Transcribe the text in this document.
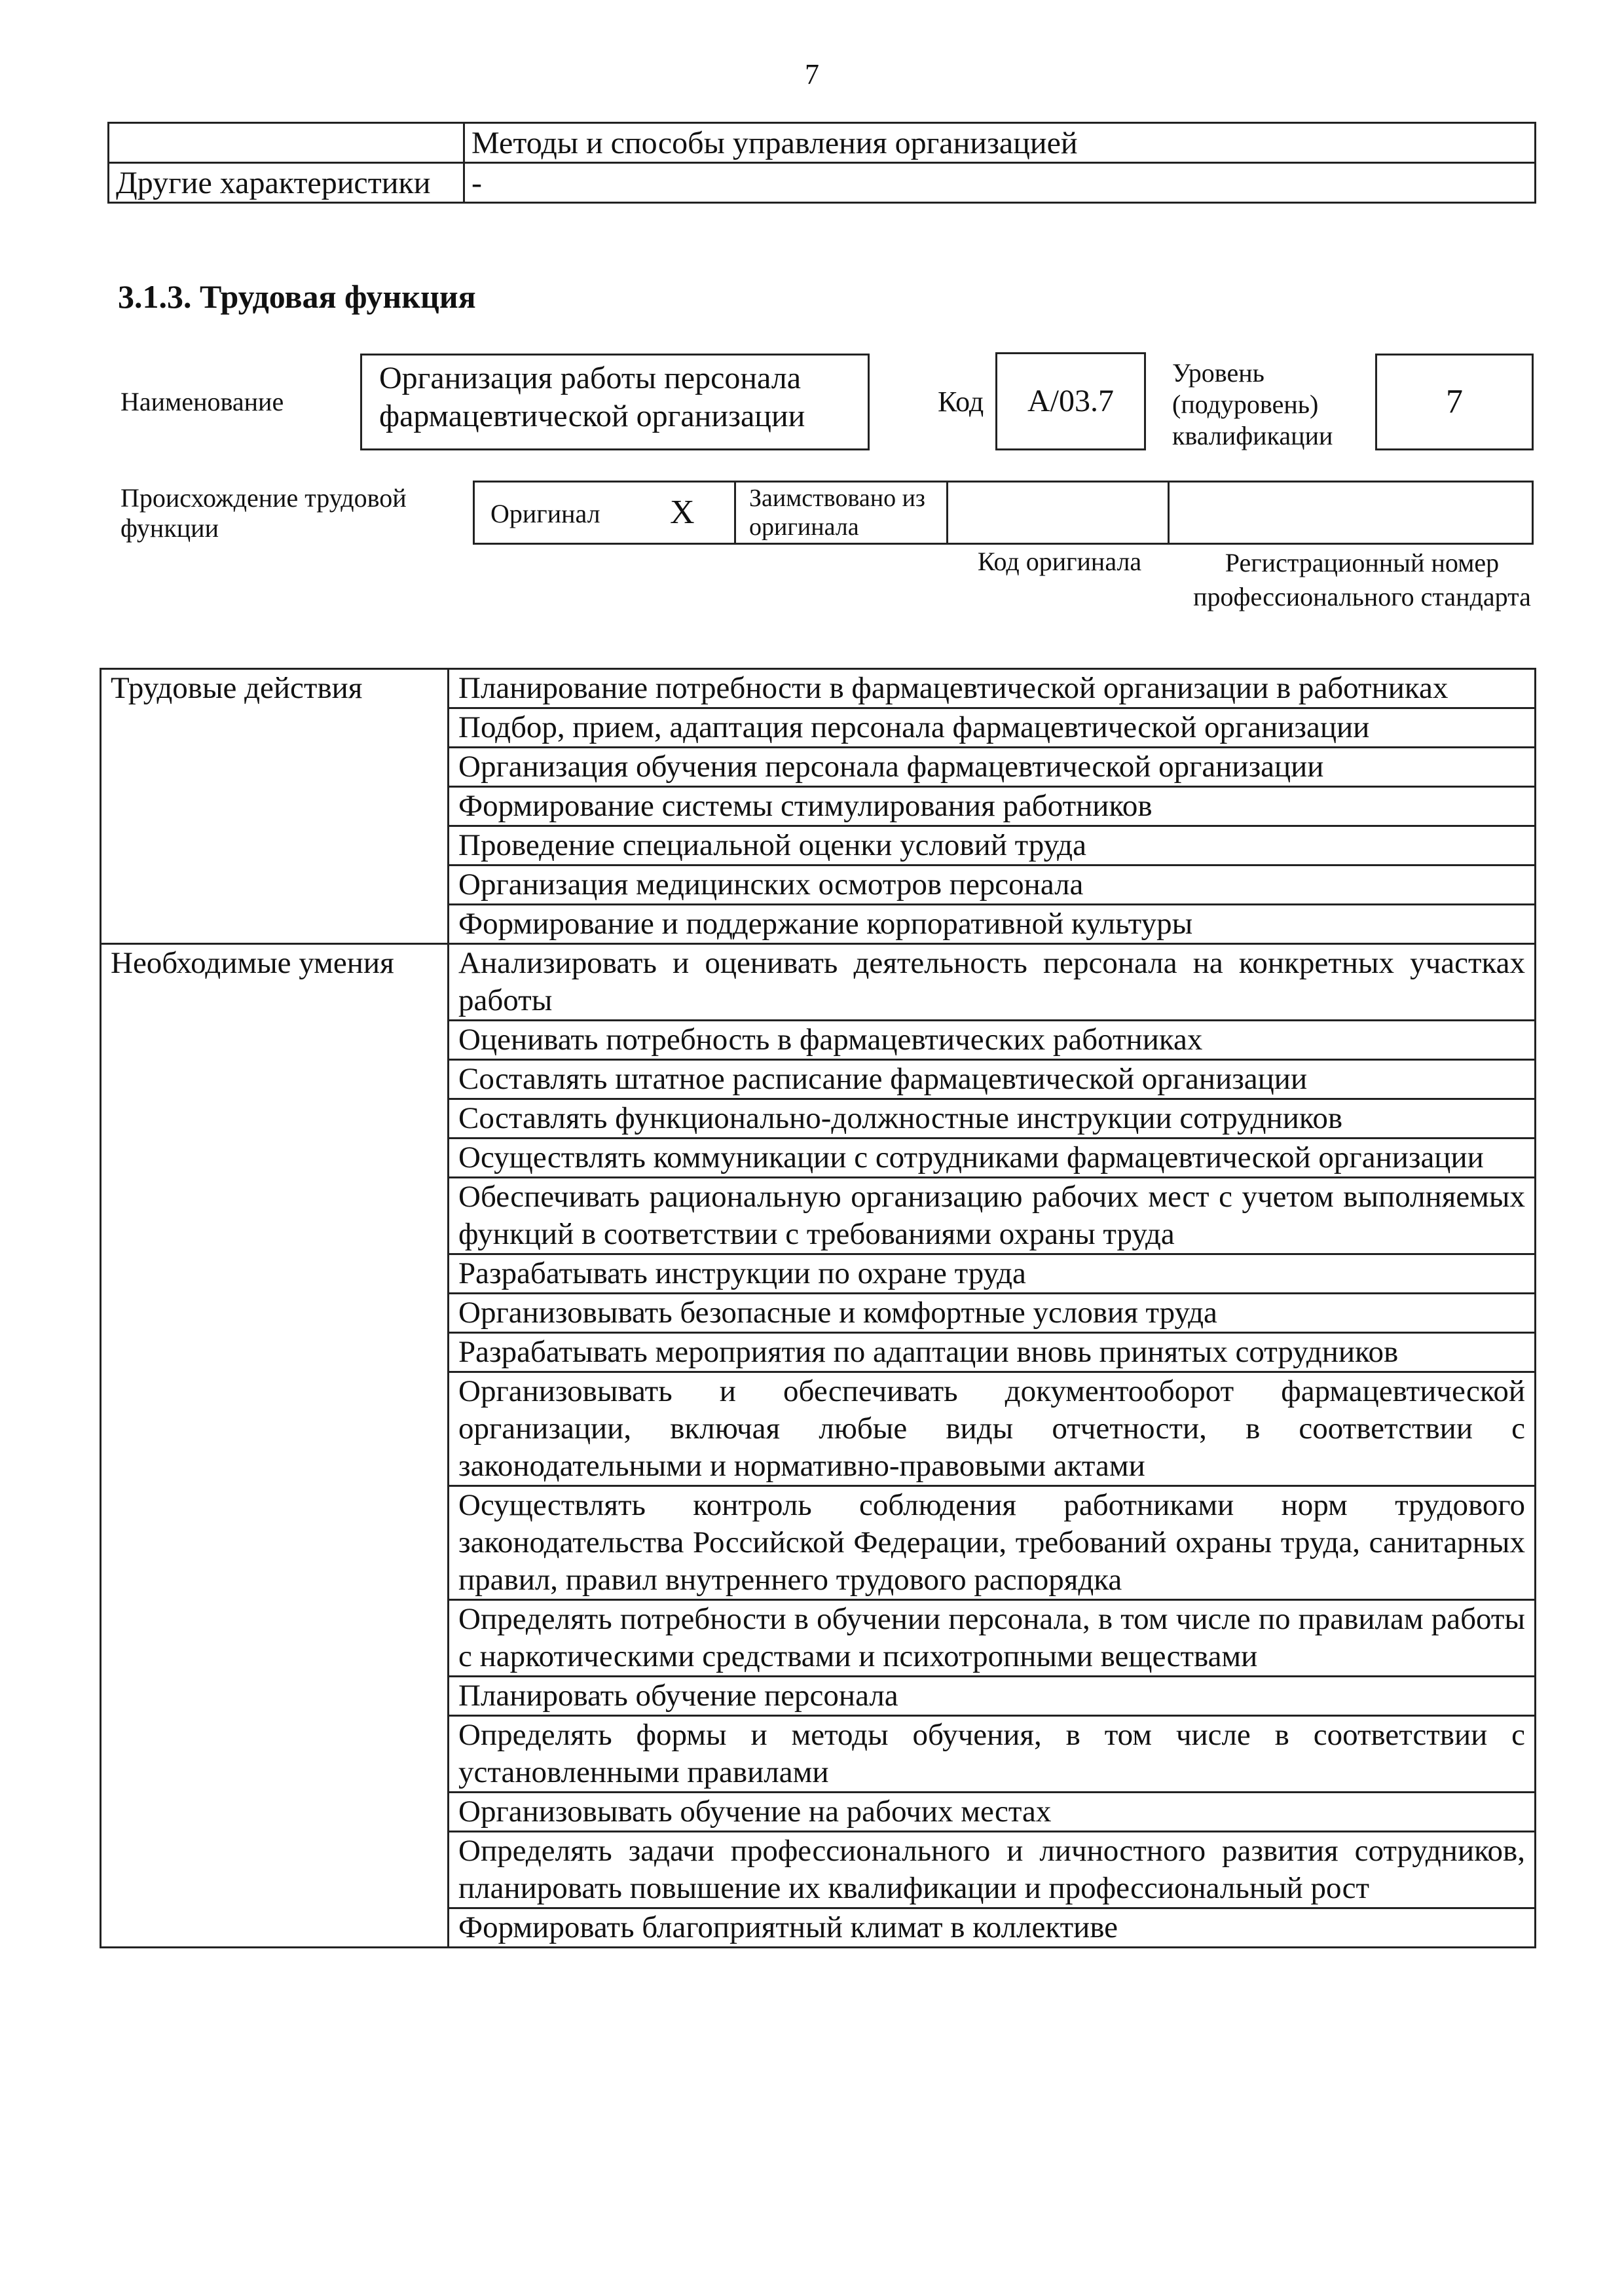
7
	Методы и способы управления организацией
Другие характеристики	-
3.1.3. Трудовая функция
Наименование
Организация работы персонала фармацевтической организации	Код	А/03.7
Уровень (подуровень) квалификации
7
Происхождение трудовой функции	Оригинал Х	Заимствовано из оригинала
Код оригинала	Регистрационный номер профессионального стандарта
Трудовые действия	Планирование потребности в фармацевтической организации в работниках
	Подбор, прием, адаптация персонала фармацевтической организации
	Организация обучения персонала фармацевтической организации
	Формирование системы стимулирования работников
	Проведение специальной оценки условий труда
	Организация медицинских осмотров персонала
	Формирование и поддержание корпоративной культуры
Необходимые умения	Анализировать и оценивать деятельность персонала на конкретных участках работы
	Оценивать потребность в фармацевтических работниках
	Составлять штатное расписание фармацевтической организации
	Составлять функционально-должностные инструкции сотрудников
	Осуществлять коммуникации с сотрудниками фармацевтической организации
	Обеспечивать рациональную организацию рабочих мест с учетом выполняемых функций в соответствии с требованиями охраны труда
	Разрабатывать инструкции по охране труда
	Организовывать безопасные и комфортные условия труда
	Разрабатывать мероприятия по адаптации вновь принятых сотрудников
	Организовывать и обеспечивать документооборот фармацевтической организации, включая любые виды отчетности, в соответствии с законодательными и нормативно-правовыми актами
	Осуществлять контроль соблюдения работниками норм трудового законодательства Российской Федерации, требований охраны труда, санитарных правил, правил внутреннего трудового распорядка
	Определять потребности в обучении персонала, в том числе по правилам работы с наркотическими средствами и психотропными веществами
	Планировать обучение персонала
	Определять формы и методы обучения, в том числе в соответствии с установленными правилами
	Организовывать обучение на рабочих местах
	Определять задачи профессионального и личностного развития сотрудников, планировать повышение их квалификации и профессиональный рост
	Формировать благоприятный климат в коллективе
